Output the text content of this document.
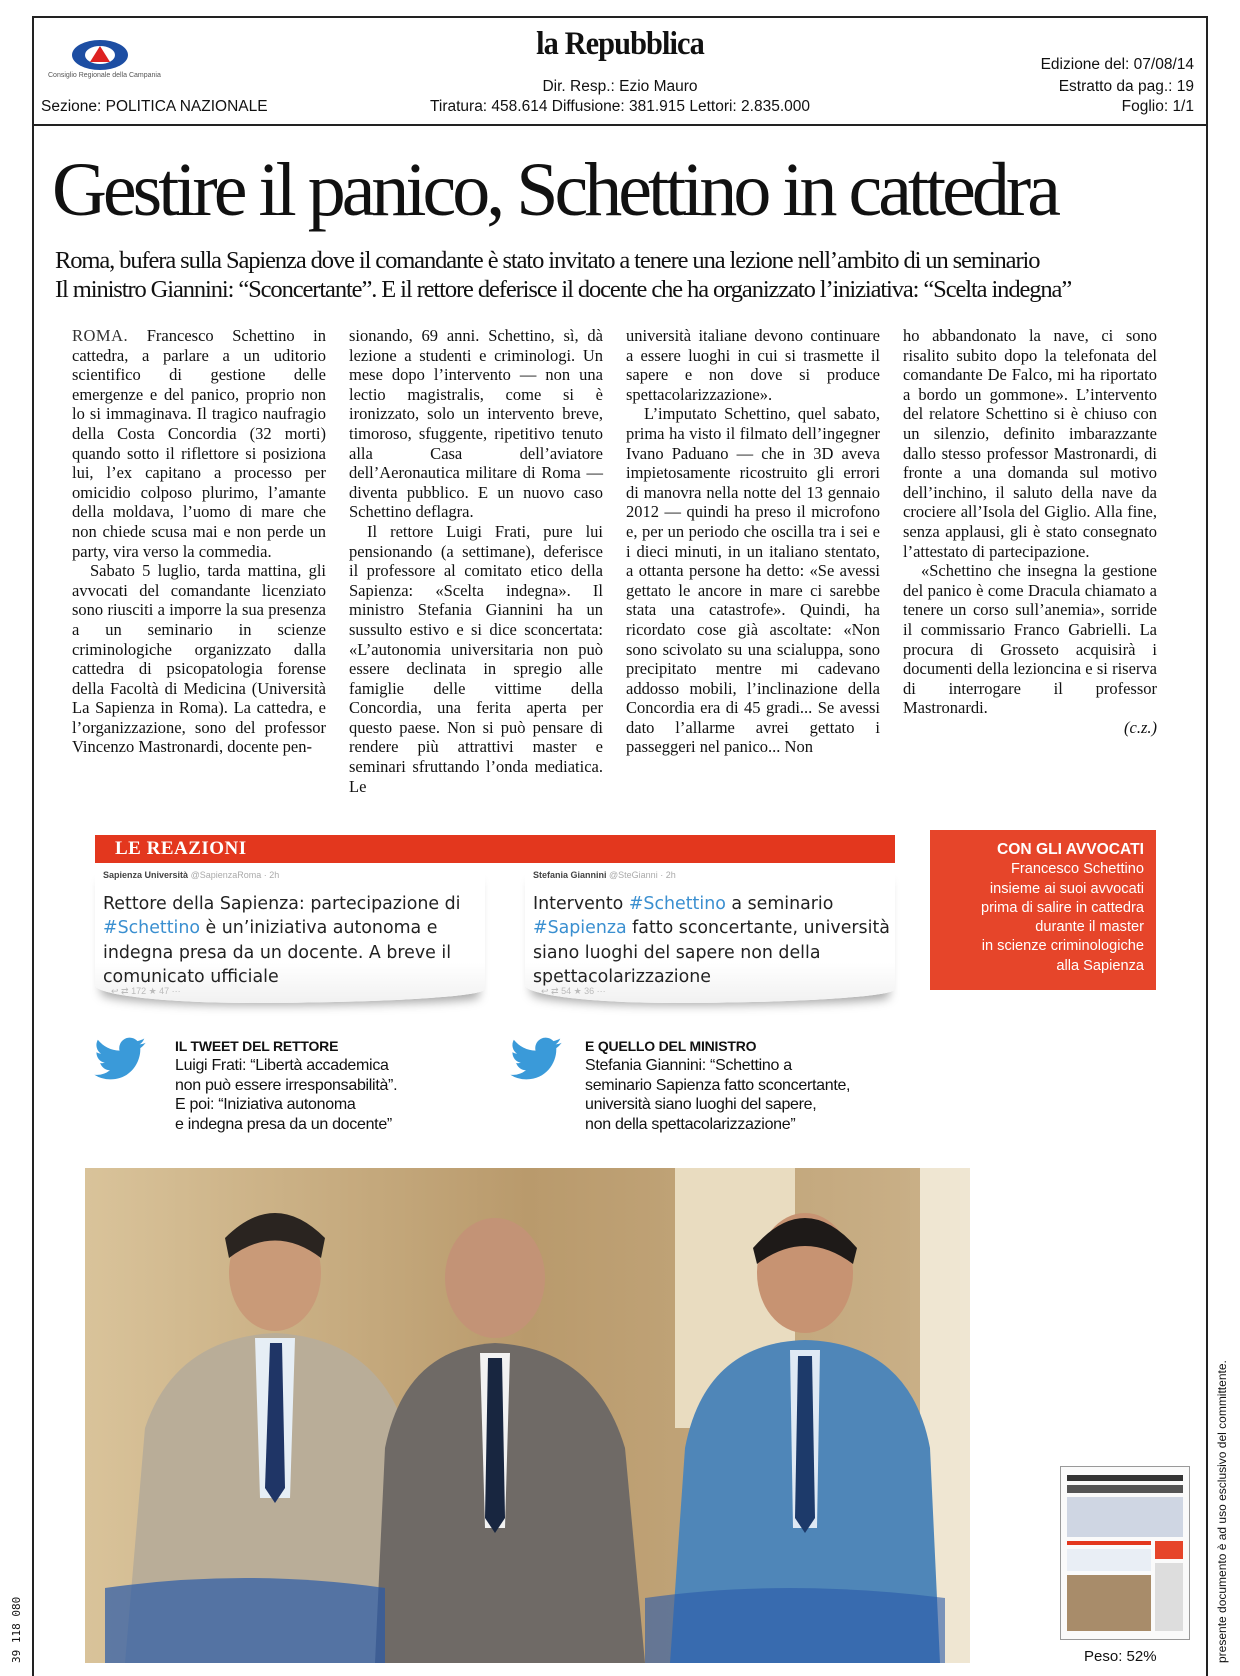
Consiglio Regionale della Campania
la Repubblica
Dir. Resp.: Ezio Mauro
Tiratura: 458.614 Diffusione: 381.915 Lettori: 2.835.000
Sezione: POLITICA NAZIONALE
Edizione del: 07/08/14
Estratto da pag.: 19
Foglio: 1/1
Gestire il panico, Schettino in cattedra
Roma, bufera sulla Sapienza dove il comandante è stato invitato a tenere una lezione nell’ambito di un seminario
Il ministro Giannini: “Sconcertante”. E il rettore deferisce il docente che ha organizzato l’iniziativa: “Scelta indegna”

ROMA. Francesco Schettino in cattedra, a parlare a un uditorio scientifico di gestione delle emergenze e del panico, proprio non lo si immaginava. Il tragico naufragio della Costa Concordia (32 morti) quando sotto il riflettore si posiziona lui, l’ex capitano a processo per omicidio colposo plurimo, l’amante della moldava, l’uomo di mare che non chiede scusa mai e non perde un party, vira verso la commedia.

Sabato 5 luglio, tarda mattina, gli avvocati del comandante licenziato sono riusciti a imporre la sua presenza a un seminario in scienze criminologiche organizzato dalla cattedra di psicopatologia forense della Facoltà di Medicina (Università La Sapienza in Roma). La cattedra, e l’organizzazione, sono del professor Vincenzo Mastronardi, docente pen-

sionando, 69 anni. Schettino, sì, dà lezione a studenti e criminologi. Un mese dopo l’intervento — non una lectio magistralis, come si è ironizzato, solo un intervento breve, timoroso, sfuggente, ripetitivo tenuto alla Casa dell’aviatore dell’Aeronautica militare di Roma — diventa pubblico. E un nuovo caso Schettino deflagra.

Il rettore Luigi Frati, pure lui pensionando (a settimane), deferisce il professore al comitato etico della Sapienza: «Scelta indegna». Il ministro Stefania Giannini ha un sussulto estivo e si dice sconcertata: «L’autonomia universitaria non può essere declinata in spregio alle famiglie delle vittime della Concordia, una ferita aperta per questo paese. Non si può pensare di rendere più attrattivi master e seminari sfruttando l’onda mediatica. Le

università italiane devono continuare a essere luoghi in cui si trasmette il sapere e non dove si produce spettacolarizzazione».

L’imputato Schettino, quel sabato, prima ha visto il filmato dell’ingegner Ivano Paduano — che in 3D aveva impietosamente ricostruito gli errori di manovra nella notte del 13 gennaio 2012 — quindi ha preso il microfono e, per un periodo che oscilla tra i sei e i dieci minuti, in un italiano stentato, a ottanta persone ha detto: «Se avessi gettato le ancore in mare ci sarebbe stata una catastrofe». Quindi, ha ricordato cose già ascoltate: «Non sono scivolato su una scialuppa, sono precipitato mentre mi cadevano addosso mobili, l’inclinazione della Concordia era di 45 gradi... Se avessi dato l’allarme avrei gettato i passeggeri nel panico... Non

ho abbandonato la nave, ci sono risalito subito dopo la telefonata del comandante De Falco, mi ha riportato a bordo un gommone». L’intervento del relatore Schettino si è chiuso con un silenzio, definito imbarazzante dallo stesso professor Mastronardi, di fronte a una domanda sul motivo dell’inchino, il saluto della nave da crociere all’Isola del Giglio. Alla fine, senza applausi, gli è stato consegnato l’attestato di partecipazione.

«Schettino che insegna la gestione del panico è come Dracula chiamato a tenere un corso sull’anemia», sorride il commissario Franco Gabrielli. La procura di Grosseto acquisirà i documenti della lezioncina e si riserva di interrogare il professor Mastronardi.

(c.z.)

LE REAZIONI
Sapienza Università @SapienzaRoma · 2h
Rettore della Sapienza: partecipazione di #Schettino è un’iniziativa autonoma e indegna presa da un docente. A breve il comunicato ufficiale
↩ ⇄ 172 ★ 47 ···
Stefania Giannini @SteGianni · 2h
Intervento #Schettino a seminario #Sapienza fatto sconcertante, università siano luoghi del sapere non della spettacolarizzazione
↩ ⇄ 54 ★ 36 ···
CON GLI AVVOCATI
Francesco Schettino
insieme ai suoi avvocati
prima di salire in cattedra
durante il master
in scienze criminologiche
alla Sapienza
IL TWEET DEL RETTORE
Luigi Frati: “Libertà accademica
non può essere irresponsabilità”.
E poi: “Iniziativa autonoma
e indegna presa da un docente”
E QUELLO DEL MINISTRO
Stefania Giannini: “Schettino a
seminario Sapienza fatto sconcertante,
università siano luoghi del sapere,
non della spettacolarizzazione”
Peso: 52%	presente documento è ad uso esclusivo del committente.
39 118 080
